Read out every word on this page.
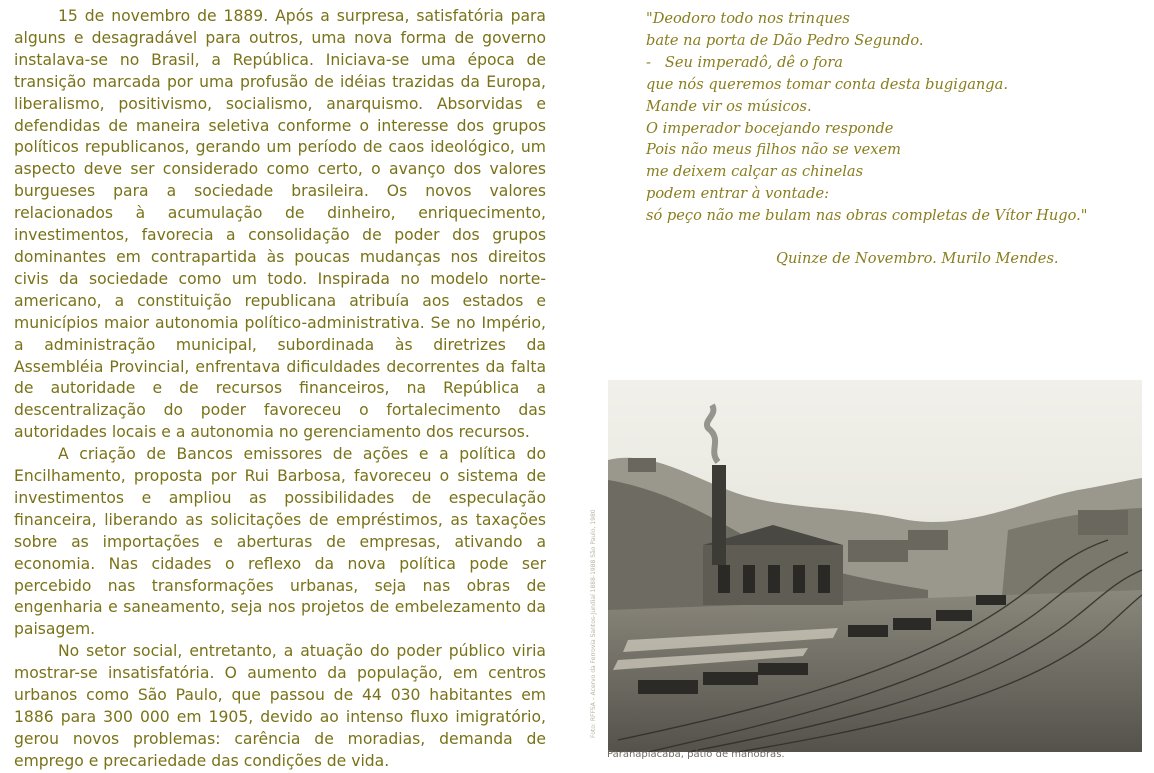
15 de novembro de 1889. Após a surpresa, satisfatória para alguns e desagradável para outros, uma nova forma de governo instalava-se no Brasil, a República. Iniciava-se uma época de transição marcada por uma profusão de idéias trazidas da Europa, liberalismo, positivismo, socialismo, anarquismo. Absorvidas e defendidas de maneira seletiva conforme o interesse dos grupos políticos republicanos, gerando um período de caos ideológico, um aspecto deve ser considerado como certo, o avanço dos valores burgueses para a sociedade brasileira. Os novos valores relacionados à acumulação de dinheiro, enriquecimento, investimentos, favorecia a consolidação de poder dos grupos dominantes em contrapartida às poucas mudanças nos direitos civis da sociedade como um todo. Inspirada no modelo norte-americano, a constituição republicana atribuía aos estados e municípios maior autonomia político-administrativa. Se no Império, a administração municipal, subordinada às diretrizes da Assembléia Provincial, enfrentava dificuldades decorrentes da falta de autoridade e de recursos financeiros, na República a descentralização do poder favoreceu o fortalecimento das autoridades locais e a autonomia no gerenciamento dos recursos.

A criação de Bancos emissores de ações e a política do Encilhamento, proposta por Rui Barbosa, favoreceu o sistema de investimentos e ampliou as possibilidades de especulação financeira, liberando as solicitações de empréstimos, as taxações sobre as importações e aberturas de empresas, ativando a economia. Nas cidades o reflexo da nova política pode ser percebido nas transformações urbanas, seja nas obras de engenharia e saneamento, seja nos projetos de embelezamento da paisagem.

No setor social, entretanto, a atuação do poder público viria mostrar-se insatisfatória. O aumento da população, em centros urbanos como São Paulo, que passou de 44 030 habitantes em 1886 para 300 000 em 1905, devido ao intenso fluxo imigratório, gerou novos problemas: carência de moradias, demanda de emprego e precariedade das condições de vida.

"Deodoro todo nos trinques
bate na porta de Dão Pedro Segundo.
-   Seu imperadô, dê o fora
que nós queremos tomar conta desta bugiganga.
Mande vir os músicos.
O imperador bocejando responde
Pois não meus filhos não se vexem
me deixem calçar as chinelas
podem entrar à vontade:
só peço não me bulam nas obras completas de Vítor Hugo."
Quinze de Novembro. Murilo Mendes.
Foto: RFFSA – Acervo da Ferrovia Santos-Jundiaí 1888-1988 São Paulo, 1980
Paranapiacaba, pátio de manobras.
